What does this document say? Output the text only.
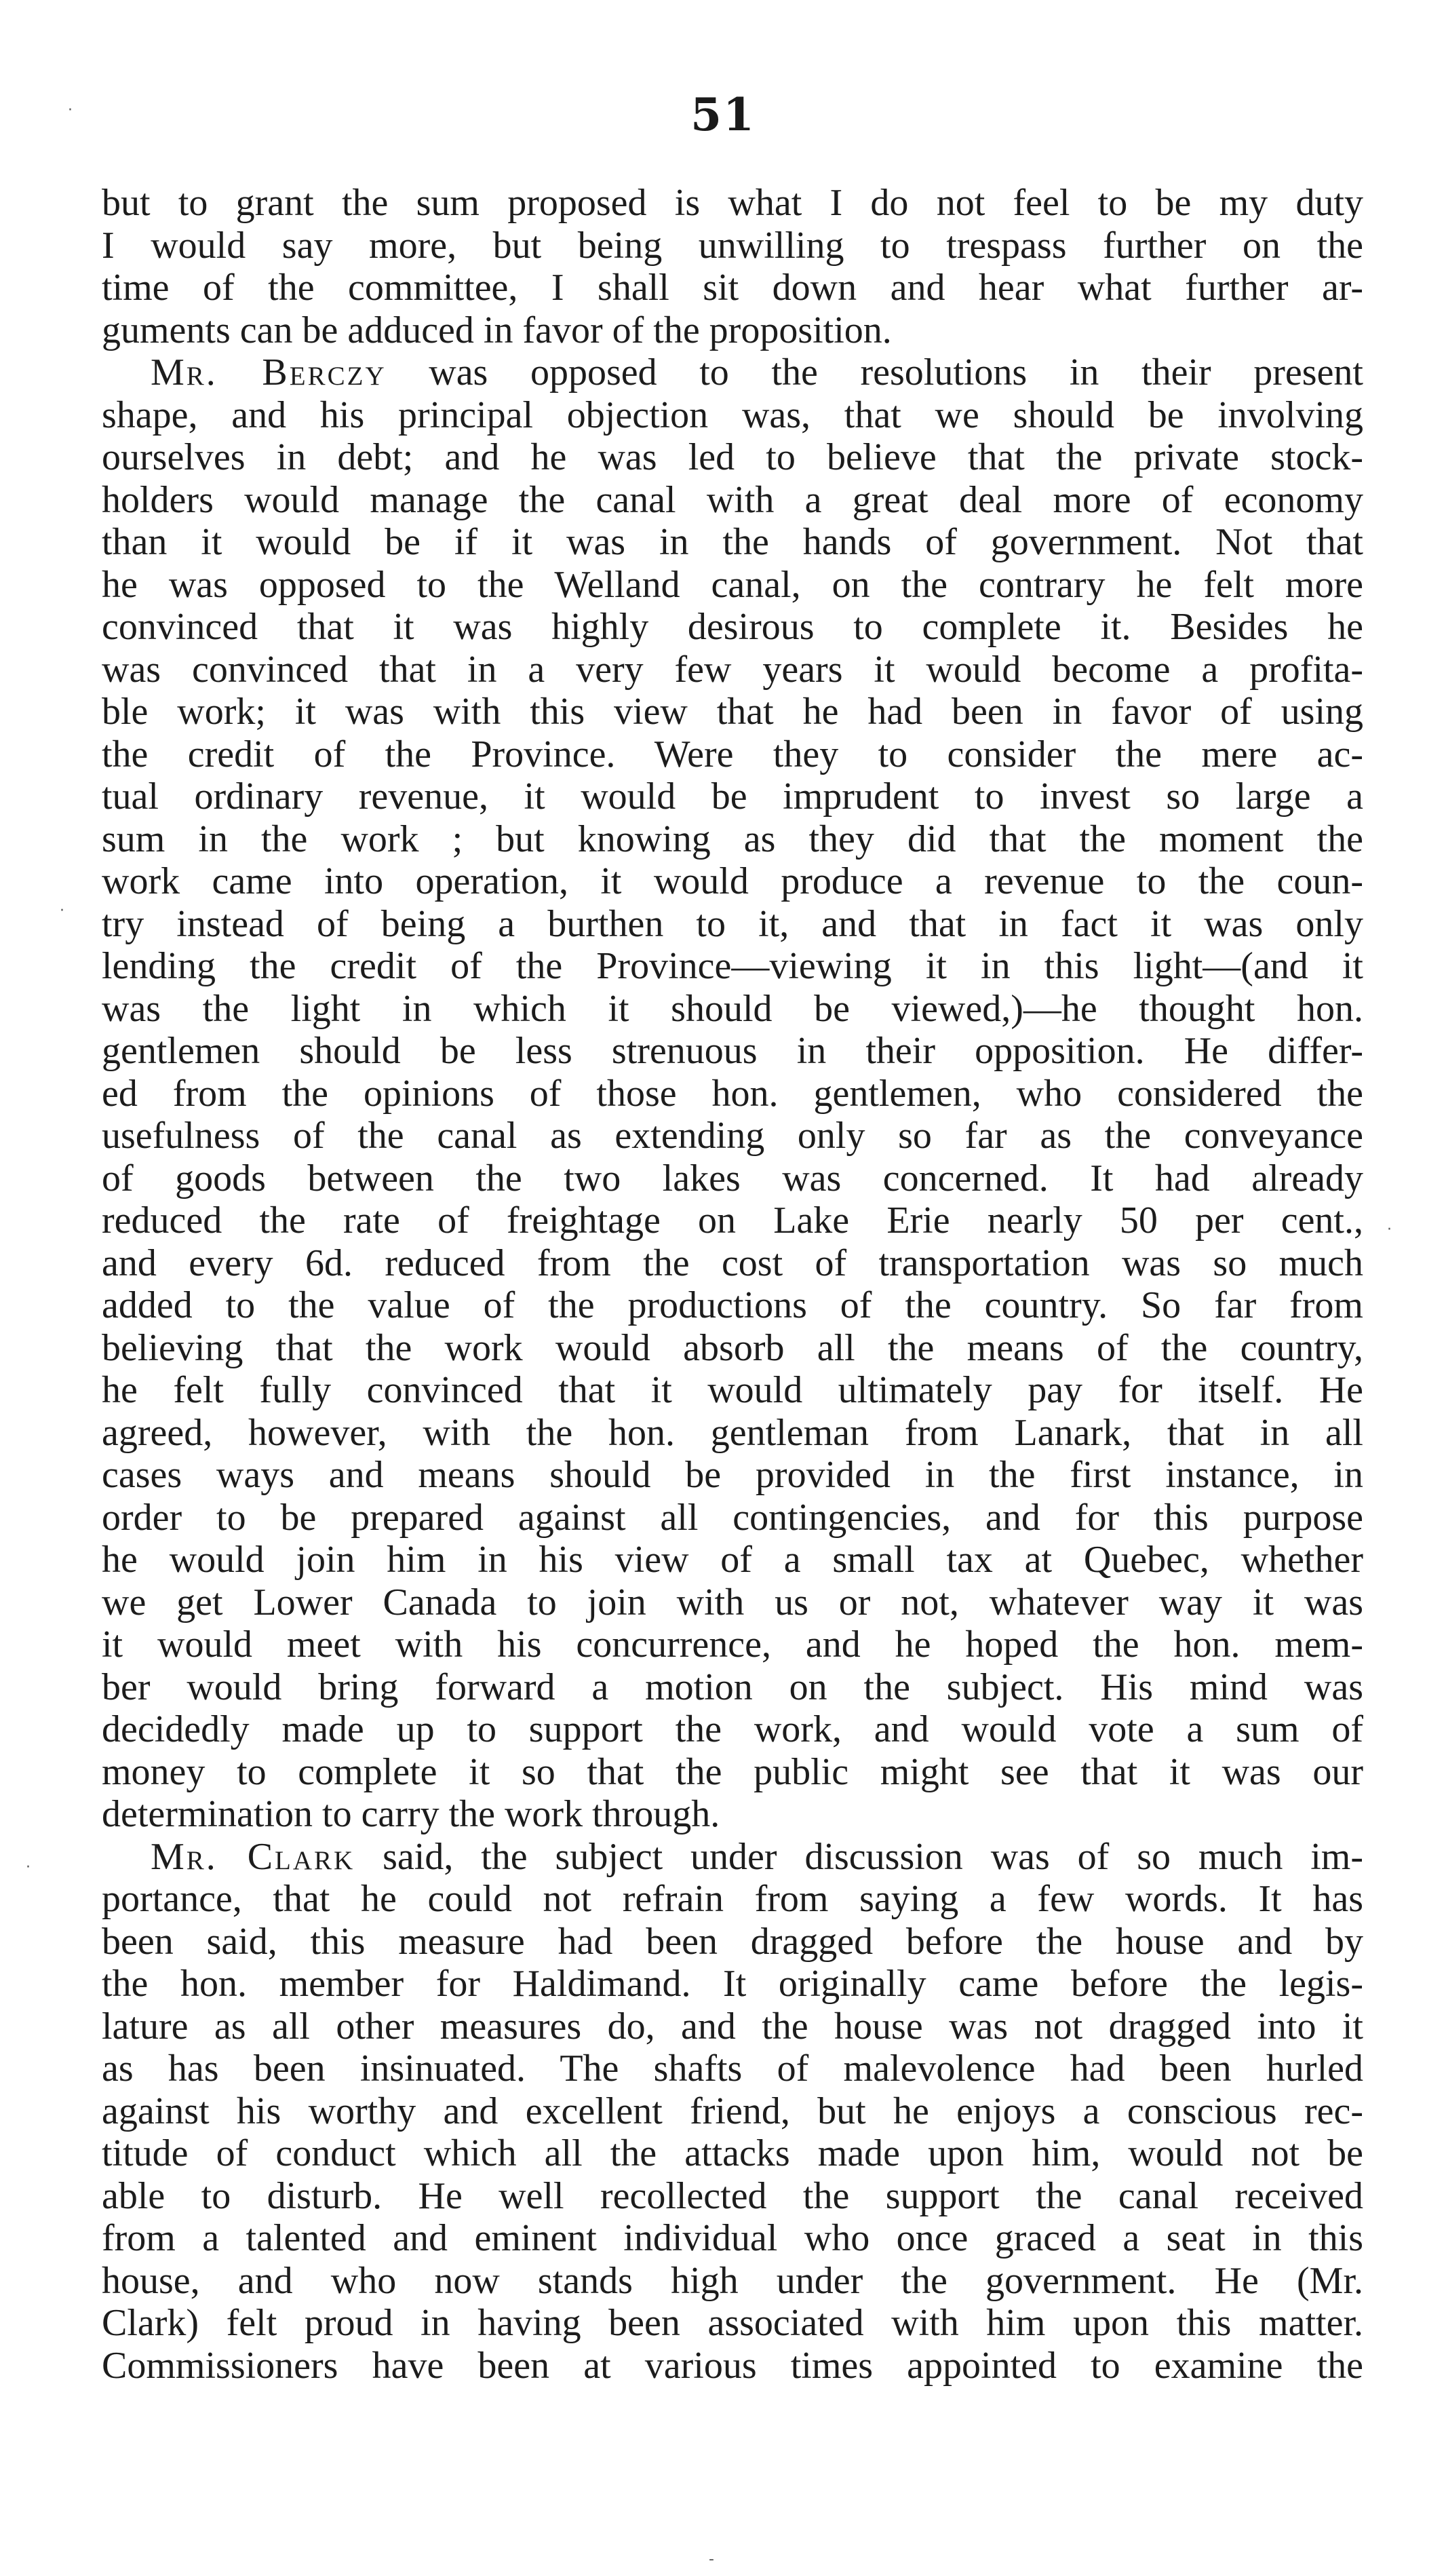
51
but to grant the sum proposed is what I do not feel to be my duty
I would say more, but being unwilling to trespass further on the
time of the committee, I shall sit down and hear what further ar-
guments can be adduced in favor of the proposition.
Mr. Berczy was opposed to the resolutions in their present
shape, and his principal objection was, that we should be involving
ourselves in debt; and he was led to believe that the private stock-
holders would manage the canal with a great deal more of economy
than it would be if it was in the hands of government. Not that
he was opposed to the Welland canal, on the contrary he felt more
convinced that it was highly desirous to complete it. Besides he
was convinced that in a very few years it would become a profita-
ble work; it was with this view that he had been in favor of using
the credit of the Province. Were they to consider the mere ac-
tual ordinary revenue, it would be imprudent to invest so large a
sum in the work ; but knowing as they did that the moment the
work came into operation, it would produce a revenue to the coun-
try instead of being a burthen to it, and that in fact it was only
lending the credit of the Province—viewing it in this light—(and it
was the light in which it should be viewed,)—he thought hon.
gentlemen should be less strenuous in their opposition. He differ-
ed from the opinions of those hon. gentlemen, who considered the
usefulness of the canal as extending only so far as the conveyance
of goods between the two lakes was concerned. It had already
reduced the rate of freightage on Lake Erie nearly 50 per cent.,
and every 6d. reduced from the cost of transportation was so much
added to the value of the productions of the country. So far from
believing that the work would absorb all the means of the country,
he felt fully convinced that it would ultimately pay for itself. He
agreed, however, with the hon. gentleman from Lanark, that in all
cases ways and means should be provided in the first instance, in
order to be prepared against all contingencies, and for this purpose
he would join him in his view of a small tax at Quebec, whether
we get Lower Canada to join with us or not, whatever way it was
it would meet with his concurrence, and he hoped the hon. mem-
ber would bring forward a motion on the subject. His mind was
decidedly made up to support the work, and would vote a sum of
money to complete it so that the public might see that it was our
determination to carry the work through.
Mr. Clark said, the subject under discussion was of so much im-
portance, that he could not refrain from saying a few words. It has
been said, this measure had been dragged before the house and by
the hon. member for Haldimand. It originally came before the legis-
lature as all other measures do, and the house was not dragged into it
as has been insinuated. The shafts of malevolence had been hurled
against his worthy and excellent friend, but he enjoys a conscious rec-
titude of conduct which all the attacks made upon him, would not be
able to disturb. He well recollected the support the canal received
from a talented and eminent individual who once graced a seat in this
house, and who now stands high under the government. He (Mr.
Clark) felt proud in having been associated with him upon this matter.
Commissioners have been at various times appointed to examine the
·
·
·
·
-
